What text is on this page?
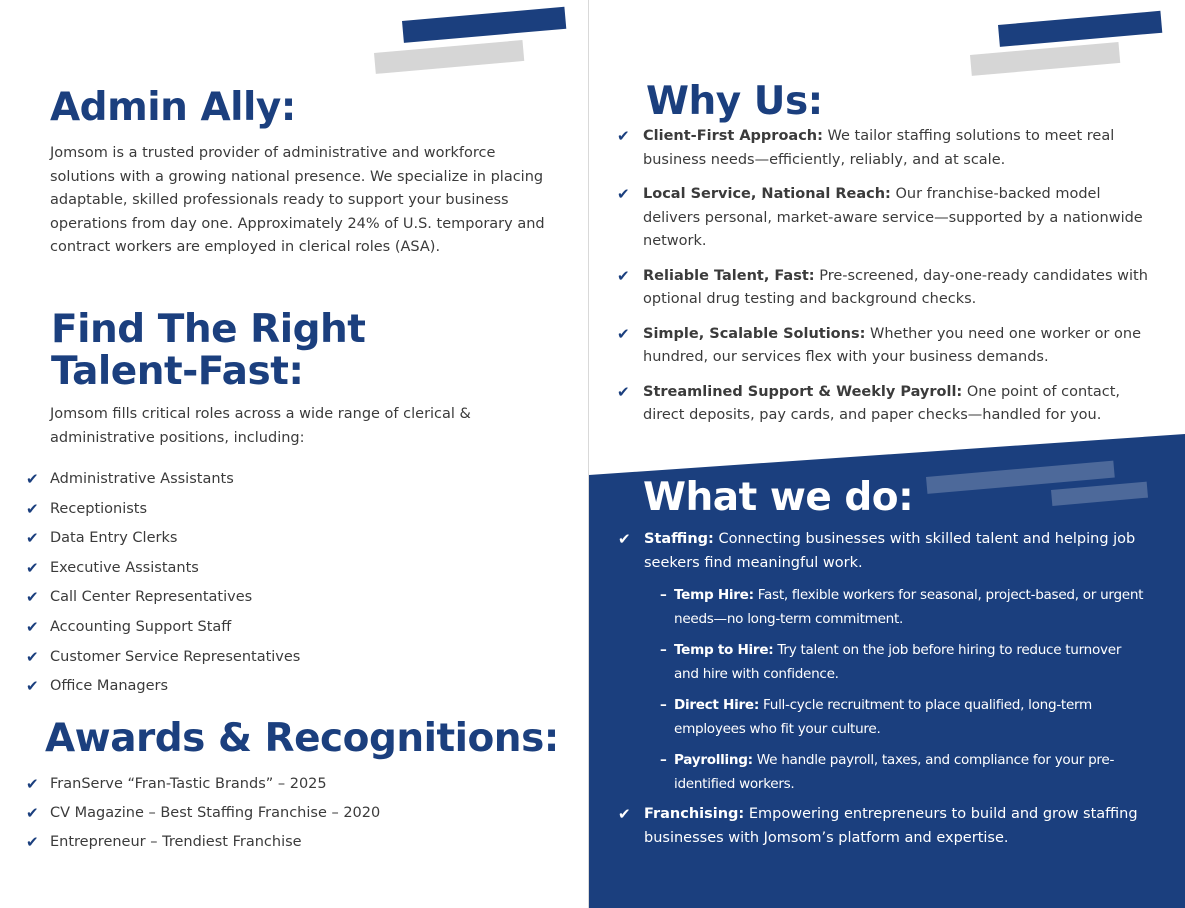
Admin Ally:

Jomsom is a trusted provider of administrative and workforce solutions with a growing national presence. We specialize in placing adaptable, skilled professionals ready to support your business operations from day one. Approximately 24% of U.S. temporary and contract workers are employed in clerical roles (ASA).

Find The Right
Talent-Fast:

Jomsom fills critical roles across a wide range of clerical & administrative positions, including:

✔ Administrative Assistants
✔ Receptionists
✔ Data Entry Clerks
✔ Executive Assistants
✔ Call Center Representatives
✔ Accounting Support Staff
✔ Customer Service Representatives
✔ Office Managers
Awards & Recognitions:
✔ FranServe “Fran-Tastic Brands” – 2025
✔ CV Magazine – Best Staffing Franchise – 2020
✔ Entrepreneur – Trendiest Franchise
Why Us:
✔ Client-First Approach: We tailor staffing solutions to meet real business needs—efficiently, reliably, and at scale.
✔ Local Service, National Reach: Our franchise-backed model delivers personal, market-aware service—supported by a nationwide network.
✔ Reliable Talent, Fast: Pre-screened, day-one-ready candidates with optional drug testing and background checks.
✔ Simple, Scalable Solutions: Whether you need one worker or one hundred, our services flex with your business demands.
✔ Streamlined Support & Weekly Payroll: One point of contact, direct deposits, pay cards, and paper checks—handled for you.
What we do:
✔ Staffing: Connecting businesses with skilled talent and helping job seekers find meaningful work.
– Temp Hire: Fast, flexible workers for seasonal, project-based, or urgent needs—no long-term commitment.
– Temp to Hire: Try talent on the job before hiring to reduce turnover and hire with confidence.
– Direct Hire: Full-cycle recruitment to place qualified, long-term employees who fit your culture.
– Payrolling: We handle payroll, taxes, and compliance for your pre-identified workers.
✔ Franchising: Empowering entrepreneurs to build and grow staffing businesses with Jomsom’s platform and expertise.
